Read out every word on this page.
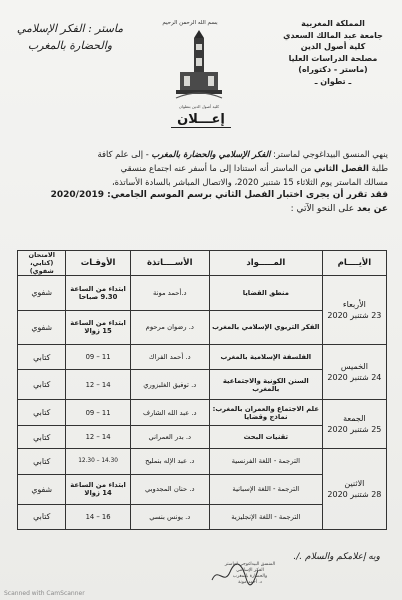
ماستر : الفكر الإسلامي
والحضارة بالمغرب
بسم الله الرحمن الرحيم
كلية أصول الدين بتطوان
المملكة المغربية
جامعة عبد المالك السعدي
كلية أصول الدين
مصلحة الدراسات العليا
(ماستر - دكتوراه)
ـ تطوان ـ
إعـــلان
ينهي المنسق البيداغوجي لماستر: الفكر الإسلامي والحضارة بالمغرب - إلى علم كافة
طلبة الفصل الثاني من الماستر أنه استنادا إلى ما أسفر عنه اجتماع منسقي
مسالك الماستر يوم الثلاثاء 15 شتنبر 2020، والاتصال المباشر بالسادة الأساتذة،
فقد تقرر أن يجرى اختبار الفصل الثاني برسم الموسم الجامعي: 2020/2019
عن بعد على النحو الآتي :
الأيــــام	المـــــواد	الأســــاتذة	الأوقـات	الامتحان (كتابي، شفوي)

الأربعاء
23 شتنبر 2020	منطق القضايا	د.أحمد مونة	ابتداء من الساعة 9.30 صباحا	شفوي
	الفكر التربوي الإسلامي بالمغرب	د. رضوان مرحوم	ابتداء من الساعة 15 زوالا	شفوي

الخميس
24 شتنبر 2020	الفلسفة الإسلامية بالمغرب	د. أحمد الفراك	09 – 11	كتابي
	السنن الكونية والاجتماعية بالمغرب	د. توفيق الغلبزوري	12 – 14	كتابي

الجمعة
25 شتنبر 2020	علم الاجتماع والعمران بالمغرب: نماذج وقضايا	د. عبد الله الشارف	09 – 11	كتابي
	تقنيات البحث	د. بدر العمراني	12 – 14	كتابي

الاثنين
28 شتنبر 2020	الترجمة - اللغة الفرنسية	د. عبد الإله بنمليح	12.30 – 14.30	كتابي
	الترجمة - اللغة الإسبانية	د. حنان المجدوبي	ابتداء من الساعة 14 زوالا	شفوي
	الترجمة - اللغة الإنجليزية	د. يونس بنسي	14 – 16	كتابي
وبه إعلامكم والسلام ./.
المنسق البيداغوجي لماستر
الفكر الإسلامي
والحضارة بالمغرب
د. أحمد مونة
Scanned with CamScanner
